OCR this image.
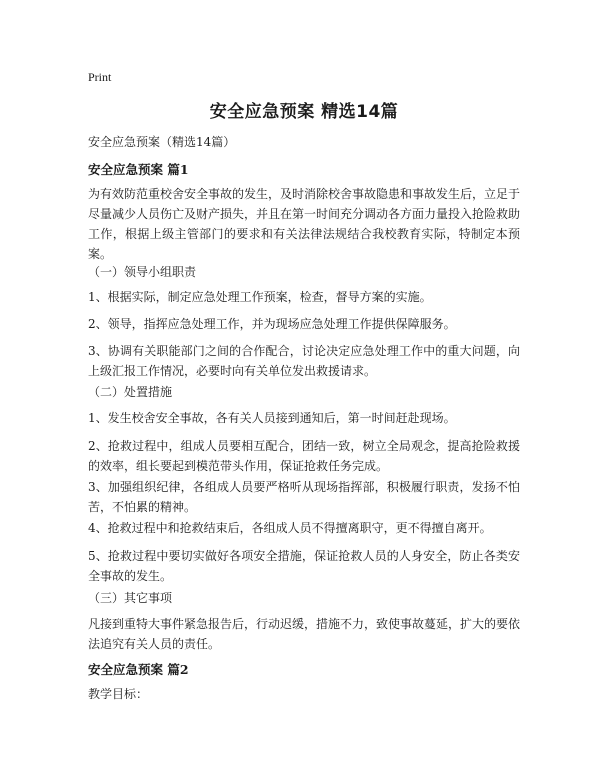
Print
安全应急预案 精选14篇
安全应急预案（精选14篇）
安全应急预案 篇1
为有效防范重校舍安全事故的发生，及时消除校舍事故隐患和事故发生后，立足于尽量减少人员伤亡及财产损失，并且在第一时间充分调动各方面力量投入抢险救助工作，根据上级主管部门的要求和有关法律法规结合我校教育实际，特制定本预案。
（一）领导小组职责
1、根据实际，制定应急处理工作预案，检查，督导方案的实施。
2、领导，指挥应急处理工作，并为现场应急处理工作提供保障服务。
3、协调有关职能部门之间的合作配合，讨论决定应急处理工作中的重大问题，向上级汇报工作情况，必要时向有关单位发出救援请求。
（二）处置措施
1、发生校舍安全事故，各有关人员接到通知后，第一时间赶赴现场。
2、抢救过程中，组成人员要相互配合，团结一致，树立全局观念，提高抢险救援的效率，组长要起到模范带头作用，保证抢救任务完成。
3、加强组织纪律，各组成人员要严格听从现场指挥部，积极履行职责，发扬不怕苦，不怕累的精神。
4、抢救过程中和抢救结束后，各组成人员不得擅离职守，更不得擅自离开。
5、抢救过程中要切实做好各项安全措施，保证抢救人员的人身安全，防止各类安全事故的发生。
（三）其它事项
凡接到重特大事件紧急报告后，行动迟缓，措施不力，致使事故蔓延，扩大的要依法追究有关人员的责任。
安全应急预案 篇2
教学目标：
